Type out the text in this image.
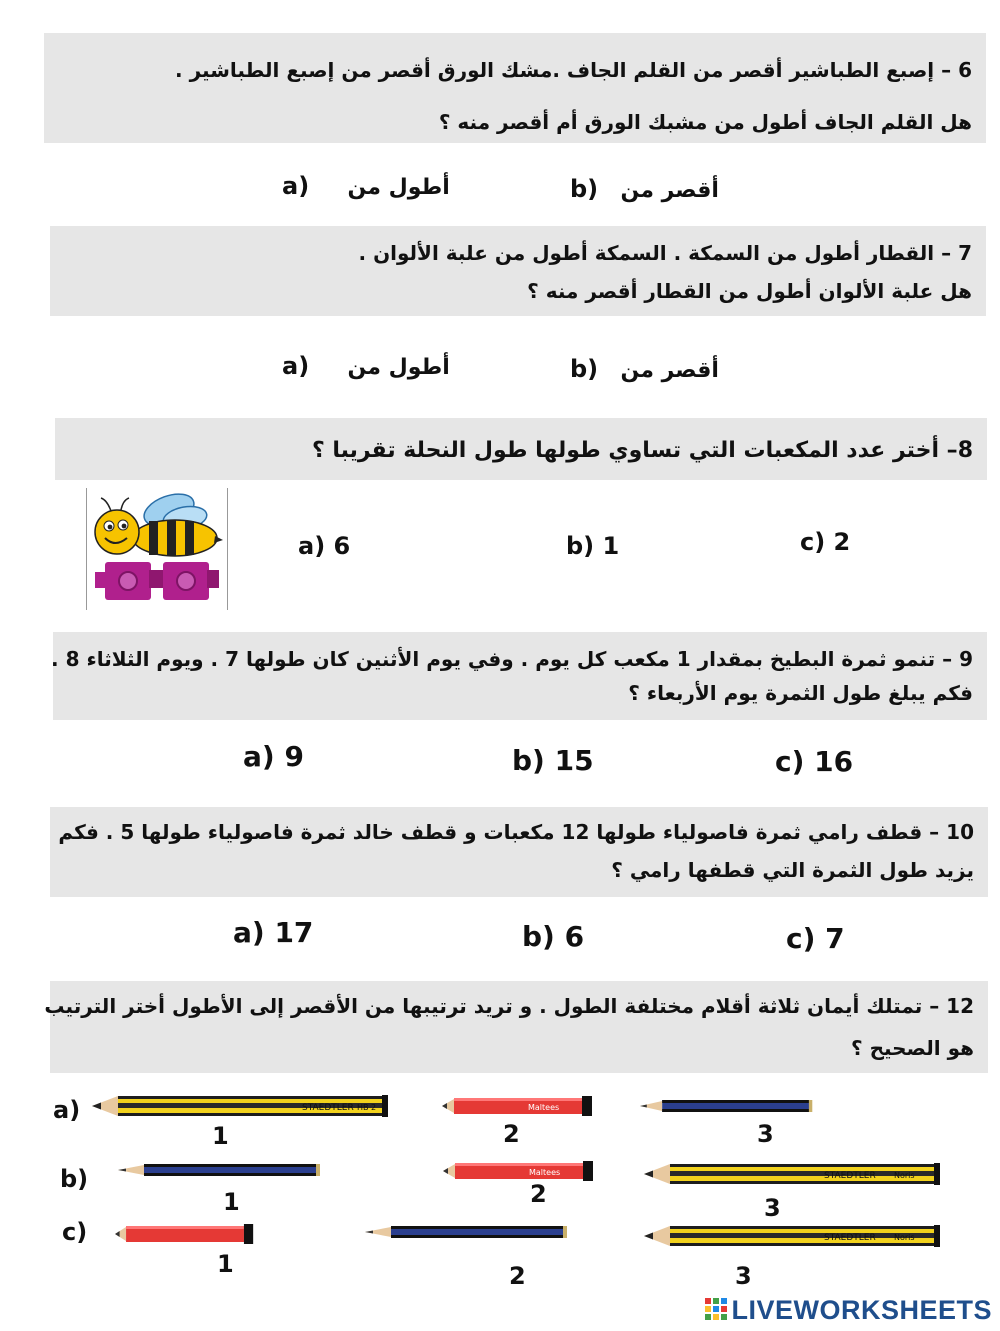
6 – إصبع الطباشير أقصر من القلم الجاف .مشك الورق أقصر من إصبع الطباشير .
هل القلم الجاف أطول من مشبك الورق أم أقصر منه ؟
a) أطول من	b) أقصر من
7 – القطار أطول من السمكة . السمكة أطول من علبة الألوان .
هل علبة الألوان أطول من القطار أقصر منه ؟
a) أطول من	b) أقصر من
8– أختر عدد المكعبات التي تساوي طولها طول النحلة تقريبا ؟
a) 6	b) 1	c) 2
9 – تنمو ثمرة البطيخ بمقدار 1 مكعب كل يوم . وفي يوم الأثنين كان طولها 7 . ويوم الثلاثاء 8 .
فكم يبلغ طول الثمرة يوم الأربعاء ؟
a) 9	b) 15	c) 16
10 – قطف رامي ثمرة فاصولياء طولها 12 مكعبات و قطف خالد ثمرة فاصولياء طولها 5 . فكم
يزيد طول الثمرة التي قطفها رامي ؟
a) 17	b) 6	c) 7
12 – تمتلك أيمان ثلاثة أقلام مختلفة الطول . و تريد ترتيبها من الأقصر إلى الأطول أختر الترتيب
هو الصحيح ؟
a)	STAEDTLER HB 2	Maltees
1	2	3
b)	Maltees	STAEDTLER Noris
1	2	3
c)	STAEDTLER Noris
1	2	3
LIVEWORKSHEETS
